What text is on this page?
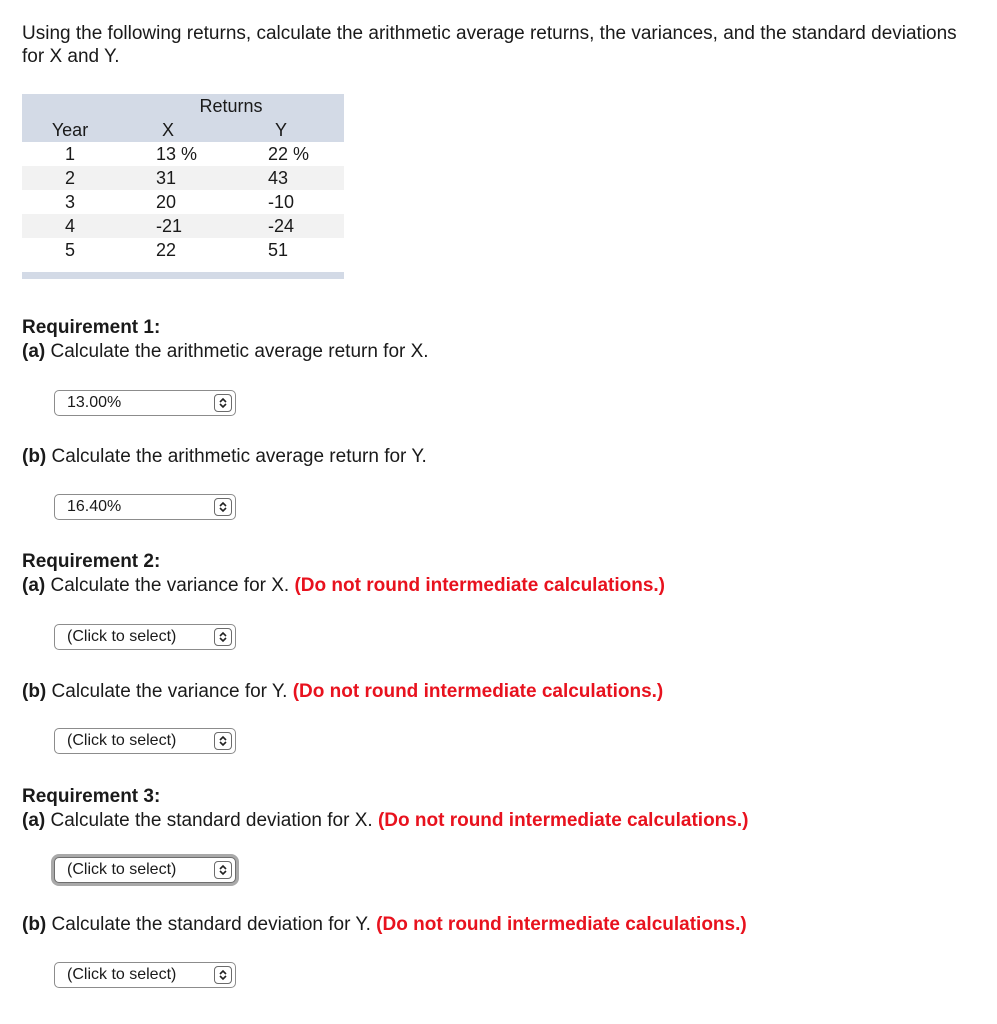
Using the following returns, calculate the arithmetic average returns, the variances, and the standard deviations for X and Y.
	Returns	
Year	X	Y
1	13 %	22 %
2	31	43
3	20	-10
4	-21	-24
5	22	51
Requirement 1:
(a) Calculate the arithmetic average return for X.
13.00%
(b) Calculate the arithmetic average return for Y.
16.40%
Requirement 2:
(a) Calculate the variance for X. (Do not round intermediate calculations.)
(Click to select)
(b) Calculate the variance for Y. (Do not round intermediate calculations.)
(Click to select)
Requirement 3:
(a) Calculate the standard deviation for X. (Do not round intermediate calculations.)
(Click to select)
(b) Calculate the standard deviation for Y. (Do not round intermediate calculations.)
(Click to select)
